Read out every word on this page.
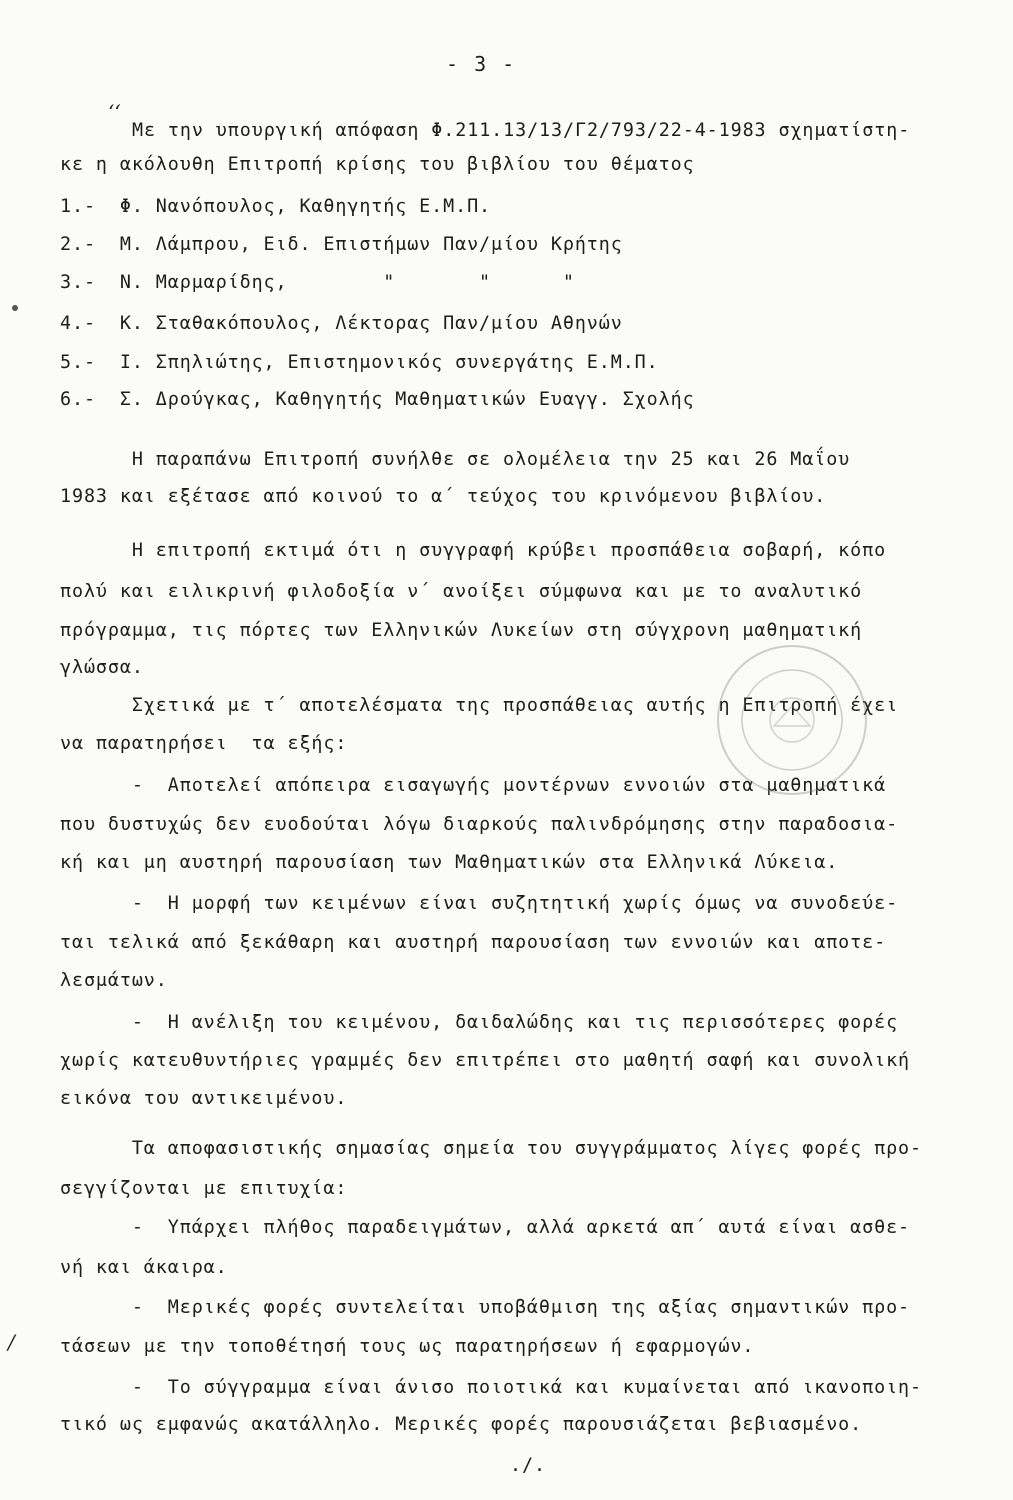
- 3 -
ʻʻ
/
Με την υπουργική απόφαση Φ.211.13/13/Γ2/793/22-4-1983 σχηματίστη-
κε η ακόλουθη Επιτροπή κρίσης του βιβλίου του θέματος
1.- Φ. Νανόπουλος, Καθηγητής Ε.Μ.Π.
2.- Μ. Λάμπρου, Ειδ. Επιστήμων Παν/μίου Κρήτης
3.- Ν. Μαρμαρίδης,        "       "      "
4.- Κ. Σταθακόπουλος, Λέκτορας Παν/μίου Αθηνών
5.- Ι. Σπηλιώτης, Επιστημονικός συνεργάτης Ε.Μ.Π.
6.- Σ. Δρούγκας, Καθηγητής Μαθηματικών Ευαγγ. Σχολής
Η παραπάνω Επιτροπή συνήλθε σε ολομέλεια την 25 και 26 Μαΐου
1983 και εξέτασε από κοινού το α΄ τεύχος του κρινόμενου βιβλίου.
Η επιτροπή εκτιμά ότι η συγγραφή κρύβει προσπάθεια σοβαρή, κόπο
πολύ και ειλικρινή φιλοδοξία ν΄ ανοίξει σύμφωνα και με το αναλυτικό
πρόγραμμα, τις πόρτες των Ελληνικών Λυκείων στη σύγχρονη μαθηματική
γλώσσα.
Σχετικά με τ΄ αποτελέσματα της προσπάθειας αυτής η Επιτροπή έχει
να παρατηρήσει  τα εξής:
-  Αποτελεί απόπειρα εισαγωγής μοντέρνων εννοιών στα μαθηματικά
που δυστυχώς δεν ευοδούται λόγω διαρκούς παλινδρόμησης στην παραδοσια-
κή και μη αυστηρή παρουσίαση των Μαθηματικών στα Ελληνικά Λύκεια.
-  Η μορφή των κειμένων είναι συζητητική χωρίς όμως να συνοδεύε-
ται τελικά από ξεκάθαρη και αυστηρή παρουσίαση των εννοιών και αποτε-
λεσμάτων.
-  Η ανέλιξη του κειμένου, δαιδαλώδης και τις περισσότερες φορές
χωρίς κατευθυντήριες γραμμές δεν επιτρέπει στο μαθητή σαφή και συνολική
εικόνα του αντικειμένου.
Τα αποφασιστικής σημασίας σημεία του συγγράμματος λίγες φορές προ-
σεγγίζονται με επιτυχία:
-  Υπάρχει πλήθος παραδειγμάτων, αλλά αρκετά απ΄ αυτά είναι ασθε-
νή και άκαιρα.
-  Μερικές φορές συντελείται υποβάθμιση της αξίας σημαντικών προ-
τάσεων με την τοποθέτησή τους ως παρατηρήσεων ή εφαρμογών.
-  Το σύγγραμμα είναι άνισο ποιοτικά και κυμαίνεται από ικανοποιη-
τικό ως εμφανώς ακατάλληλο. Μερικές φορές παρουσιάζεται βεβιασμένο.
./.
